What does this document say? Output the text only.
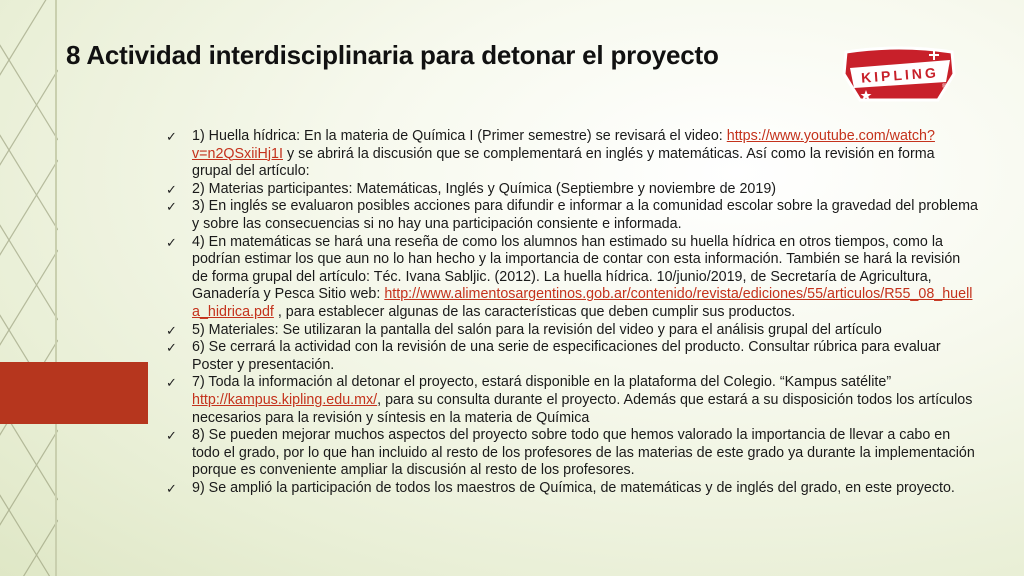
8 Actividad interdisciplinaria para detonar el proyecto
KIPLING
®
✓ 1) Huella hídrica: En la materia de Química I (Primer semestre) se revisará el video: https://www.youtube.com/watch?v=n2QSxiiHj1I y se abrirá la discusión que se complementará en inglés y matemáticas. Así como la revisión en forma grupal del artículo:
✓ 2) Materias participantes: Matemáticas, Inglés y Química (Septiembre y noviembre de 2019)
✓ 3) En inglés se evaluaron posibles acciones para difundir e informar a la comunidad escolar sobre la gravedad del problema y sobre las consecuencias si no hay una participación consiente e informada.
✓ 4) En matemáticas se hará una reseña de como los alumnos han estimado su huella hídrica en otros tiempos, como la podrían estimar los que aun no lo han hecho y la importancia de contar con esta información. También se hará la revisión de forma grupal del artículo: Téc. Ivana Sabljic. (2012). La huella hídrica. 10/junio/2019, de Secretaría de Agricultura, Ganadería y Pesca Sitio web: http://www.alimentosargentinos.gob.ar/contenido/revista/ediciones/55/articulos/R55_08_huella_hidrica.pdf , para establecer algunas de las características que deben cumplir sus productos.
✓ 5) Materiales: Se utilizaran la pantalla del salón para la revisión del video y para el análisis grupal del artículo
✓ 6) Se cerrará la actividad con la revisión de una serie de especificaciones del producto. Consultar rúbrica para evaluar Poster y presentación.
✓ 7) Toda la información al detonar el proyecto, estará disponible en la plataforma del Colegio. “Kampus satélite” http://kampus.kipling.edu.mx/, para su consulta durante el proyecto. Además que estará a su disposición todos los artículos necesarios para la revisión y síntesis en la materia de Química
✓ 8) Se pueden mejorar muchos aspectos del proyecto sobre todo que hemos valorado la importancia de llevar a cabo en todo el grado, por lo que han incluido al resto de los profesores de las materias de este grado ya durante la implementación porque es conveniente ampliar la discusión al resto de los profesores.
✓ 9) Se amplió la participación de todos los maestros de Química, de matemáticas y de inglés del grado, en este proyecto.
